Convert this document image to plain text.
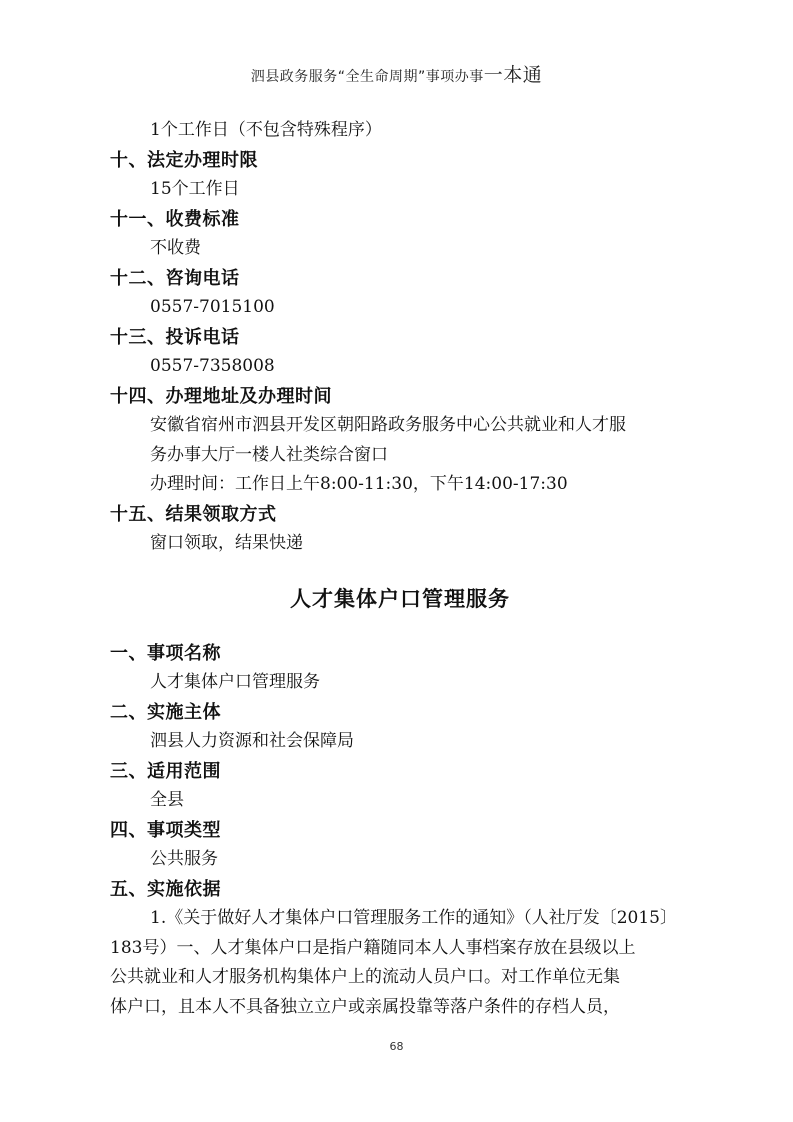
泗县政务服务“全生命周期”事项办事一本通
1个工作日（不包含特殊程序）
十、法定办理时限
15个工作日
十一、收费标准
不收费
十二、咨询电话
0557-7015100
十三、投诉电话
0557-7358008
十四、办理地址及办理时间
安徽省宿州市泗县开发区朝阳路政务服务中心公共就业和人才服
务办事大厅一楼人社类综合窗口
办理时间：工作日上午8:00-11:30，下午14:00-17:30
十五、结果领取方式
窗口领取，结果快递
人才集体户口管理服务
一、事项名称
人才集体户口管理服务
二、实施主体
泗县人力资源和社会保障局
三、适用范围
全县
四、事项类型
公共服务
五、实施依据
1.《关于做好人才集体户口管理服务工作的通知》（人社厅发〔2015〕
183号）一、人才集体户口是指户籍随同本人人事档案存放在县级以上
公共就业和人才服务机构集体户上的流动人员户口。对工作单位无集
体户口，且本人不具备独立立户或亲属投靠等落户条件的存档人员，
68
